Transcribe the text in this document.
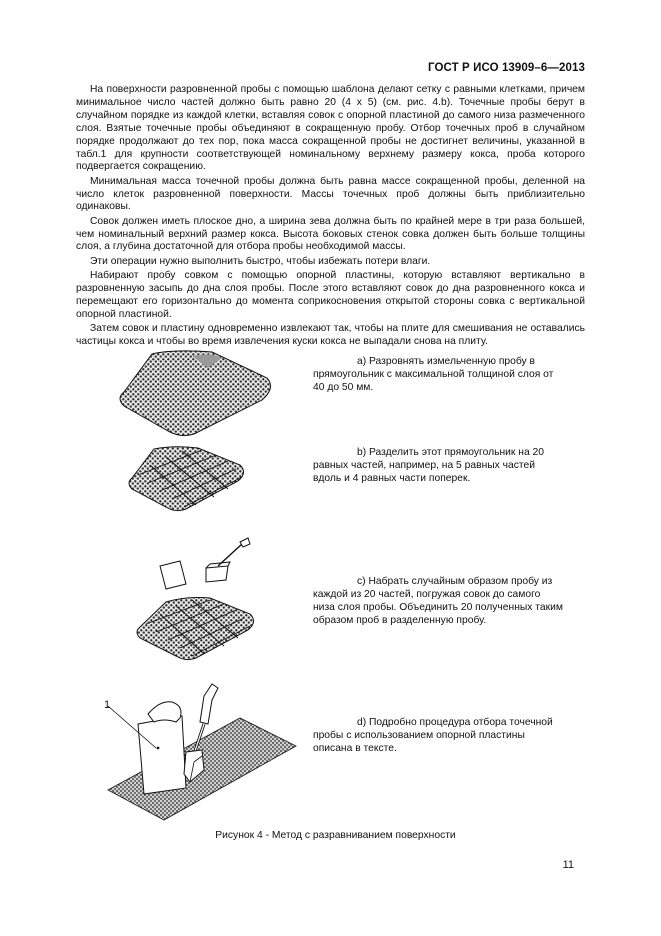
ГОСТ Р ИСО 13909–6—2013

На поверхности разровненной пробы с помощью шаблона делают сетку с равными клетками, причем минимальное число частей должно быть равно 20 (4 x 5) (см. рис. 4.b). Точечные пробы берут в случайном порядке из каждой клетки, вставляя совок с опорной пластиной до самого низа размеченного слоя. Взятые точечные пробы объединяют в сокращенную пробу. Отбор точечных проб в случайном порядке продолжают до тех пор, пока масса сокращенной пробы не достигнет величины, указанной в табл.1 для крупности соответствующей номинальному верхнему размеру кокса, проба которого подвергается сокращению.

Минимальная масса точечной пробы должна быть равна массе сокращенной пробы, деленной на число клеток разровненной поверхности. Массы точечных проб должны быть приблизительно одинаковы.

Совок должен иметь плоское дно, а ширина зева должна быть по крайней мере в три раза большей, чем номинальный верхний размер кокса. Высота боковых стенок совка должен быть больше толщины слоя, а глубина достаточной для отбора пробы необходимой массы.

Эти операции нужно выполнить быстро, чтобы избежать потери влаги.

Набирают пробу совком с помощью опорной пластины, которую вставляют вертикально в разровненную засыпь до дна слоя пробы. После этого вставляют совок до дна разровненного кокса и перемещают его горизонтально до момента соприкосновения открытой стороны совка с вертикальной опорной пластиной.

Затем совок и пластину одновременно извлекают так, чтобы на плите для смешивания не оставались частицы кокса и чтобы во время извлечения куски кокса не выпадали снова на плиту.

a) Разровнять измельченную пробу в прямоугольник с максимальной толщиной слоя от 40 до 50 мм.
b) Разделить этот прямоугольник на 20 равных частей, например, на 5 равных частей вдоль и 4 равных части поперек.
c) Набрать случайным образом пробу из каждой из 20 частей, погружая совок до самого низа слоя пробы. Объединить 20 полученных таким образом проб в разделенную пробу.
1
d) Подробно процедура отбора точечной пробы с использованием опорной пластины описана в тексте.
Рисунок 4 - Метод с разравниванием поверхности
11
